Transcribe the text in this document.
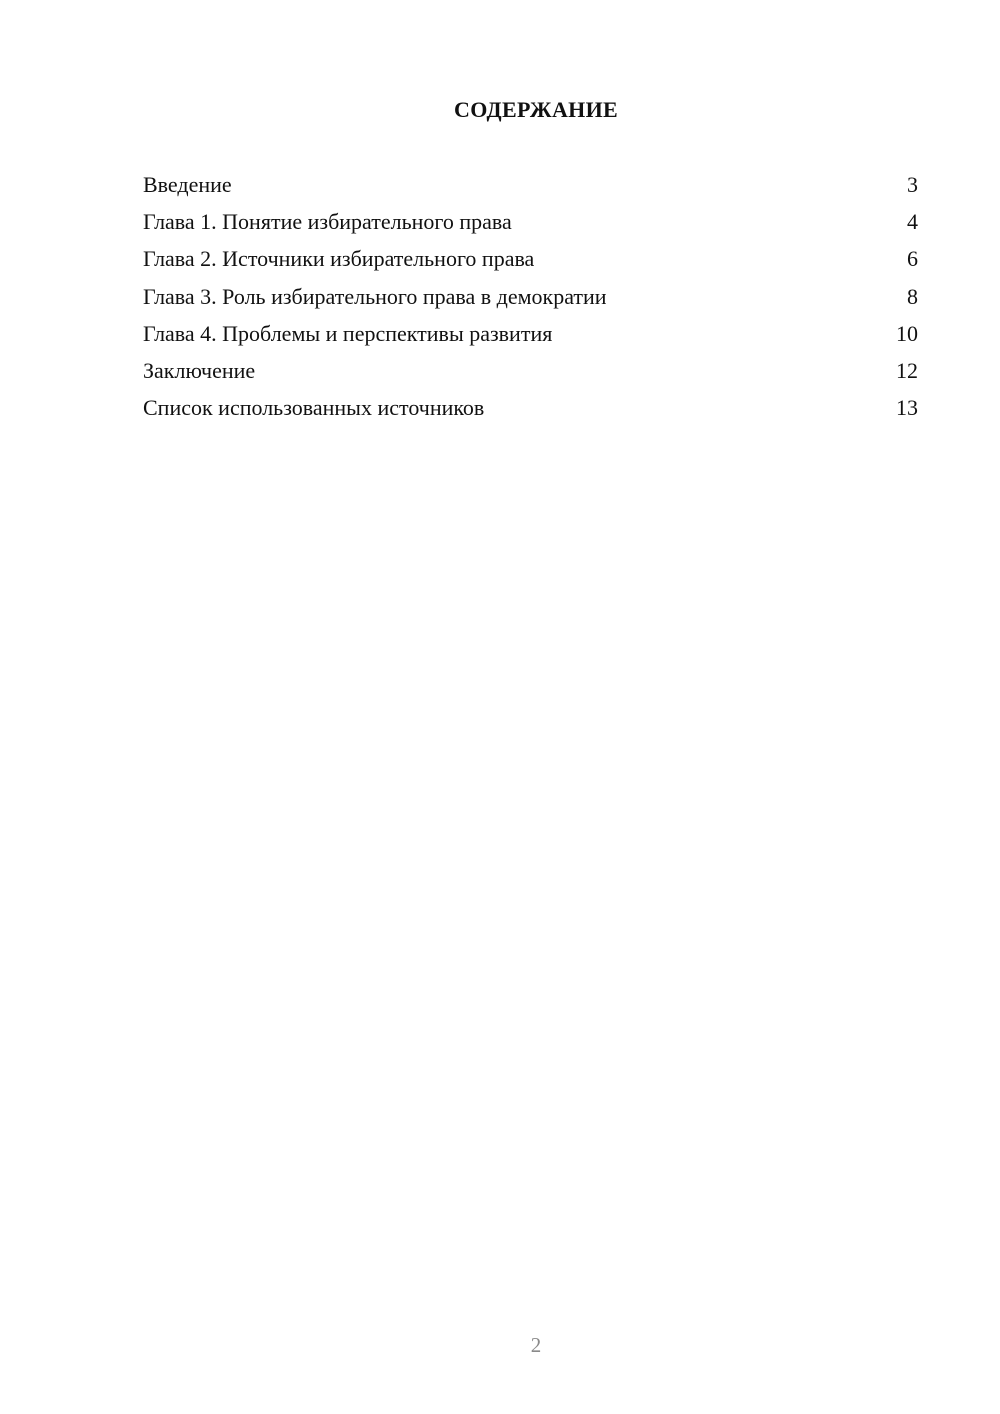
СОДЕРЖАНИЕ
Введение	3
Глава 1. Понятие избирательного права	4
Глава 2. Источники избирательного права	6
Глава 3. Роль избирательного права в демократии	8
Глава 4. Проблемы и перспективы развития	10
Заключение	12
Список использованных источников	13
2
